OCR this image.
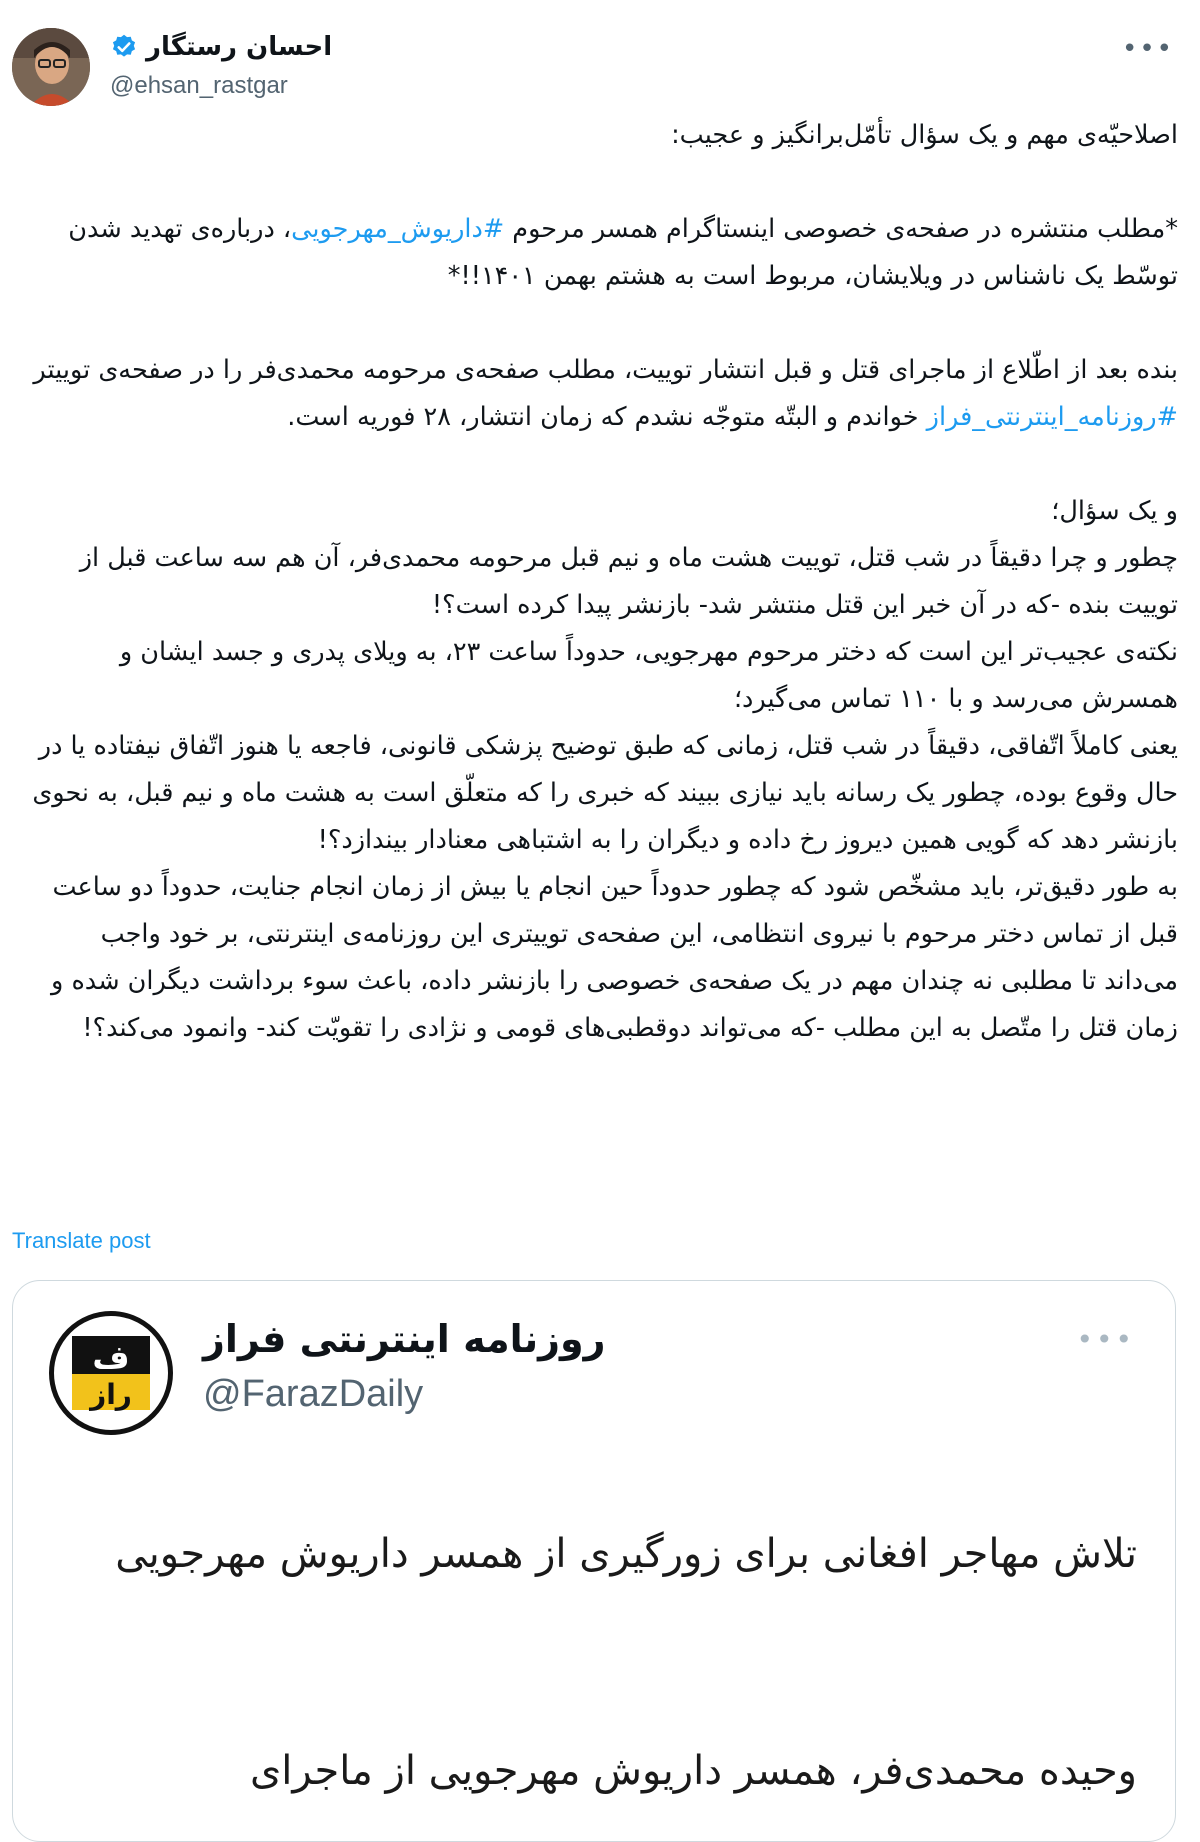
احسان رستگار
@ehsan_rastgar
•••

اصلاحیّه‌ی مهم و یک سؤال تأمّل‌برانگیز و عجیب:

*مطلب منتشره در صفحه‌ی خصوصی اینستاگرام همسر مرحوم #داریوش_مهرجویی، درباره‌ی تهدید شدن توسّط یک ناشناس در ویلایشان، مربوط است به هشتم بهمن ۱۴۰۱!!*

بنده بعد از اطّلاع از ماجرای قتل و قبل انتشار توییت، مطلب صفحه‌ی مرحومه محمدی‌فر را در صفحه‌ی توییتر #روزنامه_اینترنتی_فراز خواندم و البتّه متوجّه نشدم که زمان انتشار، ۲۸ فوریه است.

و یک سؤال؛

چطور و چرا دقیقاً در شب قتل، توییت هشت ماه و نیم قبل مرحومه محمدی‌فر، آن هم سه ساعت قبل از توییت بنده -که در آن خبر این قتل منتشر شد- بازنشر پیدا کرده است؟!

نکته‌ی عجیب‌تر این است که دختر مرحوم مهرجویی، حدوداً ساعت ۲۳، به ویلای پدری و جسد ایشان و همسرش می‌رسد و با ۱۱۰ تماس می‌گیرد؛

یعنی کاملاً اتّفاقی، دقیقاً در شب قتل، زمانی که طبق توضیح پزشکی قانونی، فاجعه یا هنوز اتّفاق نیفتاده یا در حال وقوع بوده، چطور یک رسانه باید نیازی ببیند که خبری را که متعلّق است به هشت ماه و نیم قبل، به نحوی بازنشر دهد که گویی همین دیروز رخ داده و دیگران را به اشتباهی معنادار بیندازد؟!

به طور دقیق‌تر، باید مشخّص شود که چطور حدوداً حین انجام یا بیش از زمان انجام جنایت، حدوداً دو ساعت قبل از تماس دختر مرحوم با نیروی انتظامی، این صفحه‌ی توییتری این روزنامه‌ی اینترنتی، بر خود واجب می‌داند تا مطلبی نه چندان مهم در یک صفحه‌ی خصوصی را بازنشر داده، باعث سوء برداشت دیگران شده و زمان قتل را متّصل به این مطلب -که می‌تواند دوقطبی‌های قومی و نژادی را تقویّت کند- وانمود می‌کند؟!

Translate post
ف
راز
روزنامه اینترنتی فراز
@FarazDaily
•••
تلاش مهاجر افغانی برای زورگیری از همسر داریوش مهرجویی
وحیده محمدی‌فر، همسر داریوش مهرجویی از ماجرای
